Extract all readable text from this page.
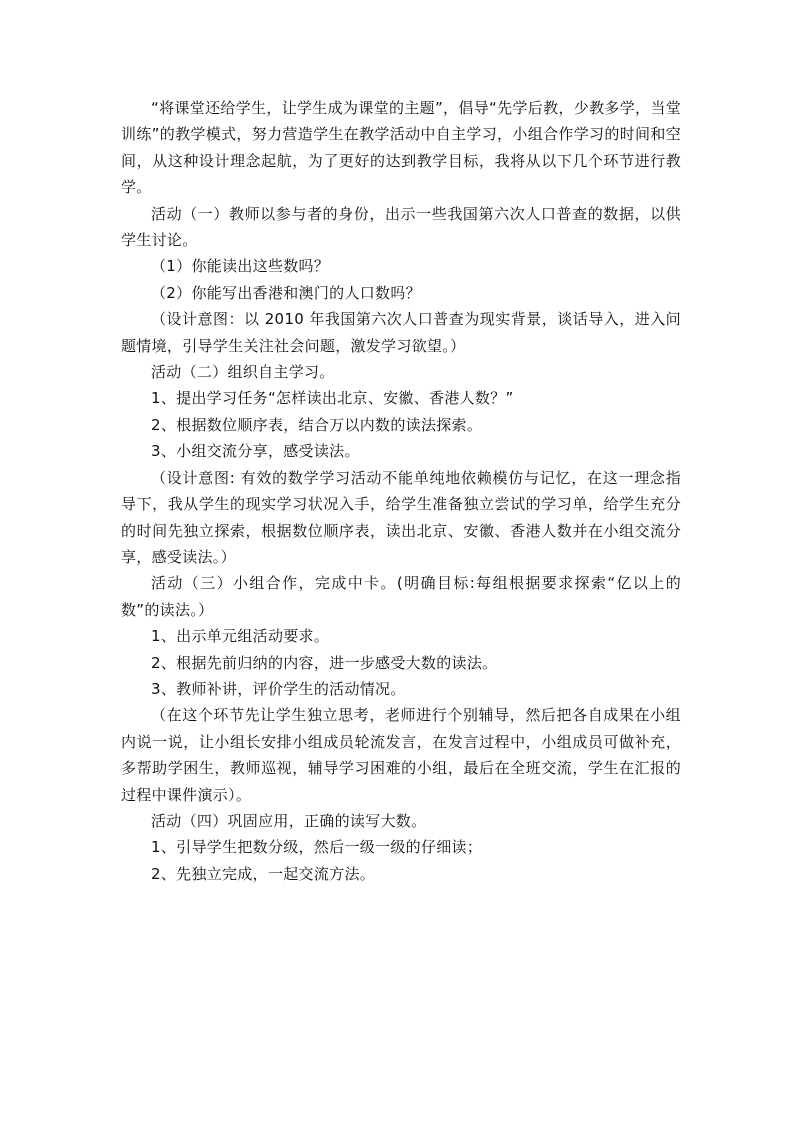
“将课堂还给学生，让学生成为课堂的主题”，倡导“先学后教，少教多学，当堂训练”的教学模式，努力营造学生在教学活动中自主学习，小组合作学习的时间和空间，从这种设计理念起航，为了更好的达到教学目标，我将从以下几个环节进行教学。

活动（一）教师以参与者的身份，出示一些我国第六次人口普查的数据，以供学生讨论。

（1）你能读出这些数吗？

（2）你能写出香港和澳门的人口数吗？

（设计意图：以 2010 年我国第六次人口普查为现实背景，谈话导入，进入问题情境，引导学生关注社会问题，激发学习欲望。）

活动（二）组织自主学习。

1、提出学习任务“怎样读出北京、安徽、香港人数？”

2、根据数位顺序表，结合万以内数的读法探索。

3、小组交流分享，感受读法。

（设计意图: 有效的数学学习活动不能单纯地依赖模仿与记忆，在这一理念指导下，我从学生的现实学习状况入手，给学生准备独立尝试的学习单，给学生充分的时间先独立探索，根据数位顺序表，读出北京、安徽、香港人数并在小组交流分享，感受读法。）

活动（三）小组合作，完成中卡。(明确目标:每组根据要求探索“亿以上的数”的读法。）

1、出示单元组活动要求。

2、根据先前归纳的内容，进一步感受大数的读法。

3、教师补讲，评价学生的活动情况。

（在这个环节先让学生独立思考，老师进行个别辅导，然后把各自成果在小组内说一说，让小组长安排小组成员轮流发言，在发言过程中，小组成员可做补充，多帮助学困生，教师巡视，辅导学习困难的小组，最后在全班交流，学生在汇报的过程中课件演示）。

活动（四）巩固应用，正确的读写大数。

1、引导学生把数分级，然后一级一级的仔细读；

2、先独立完成，一起交流方法。
